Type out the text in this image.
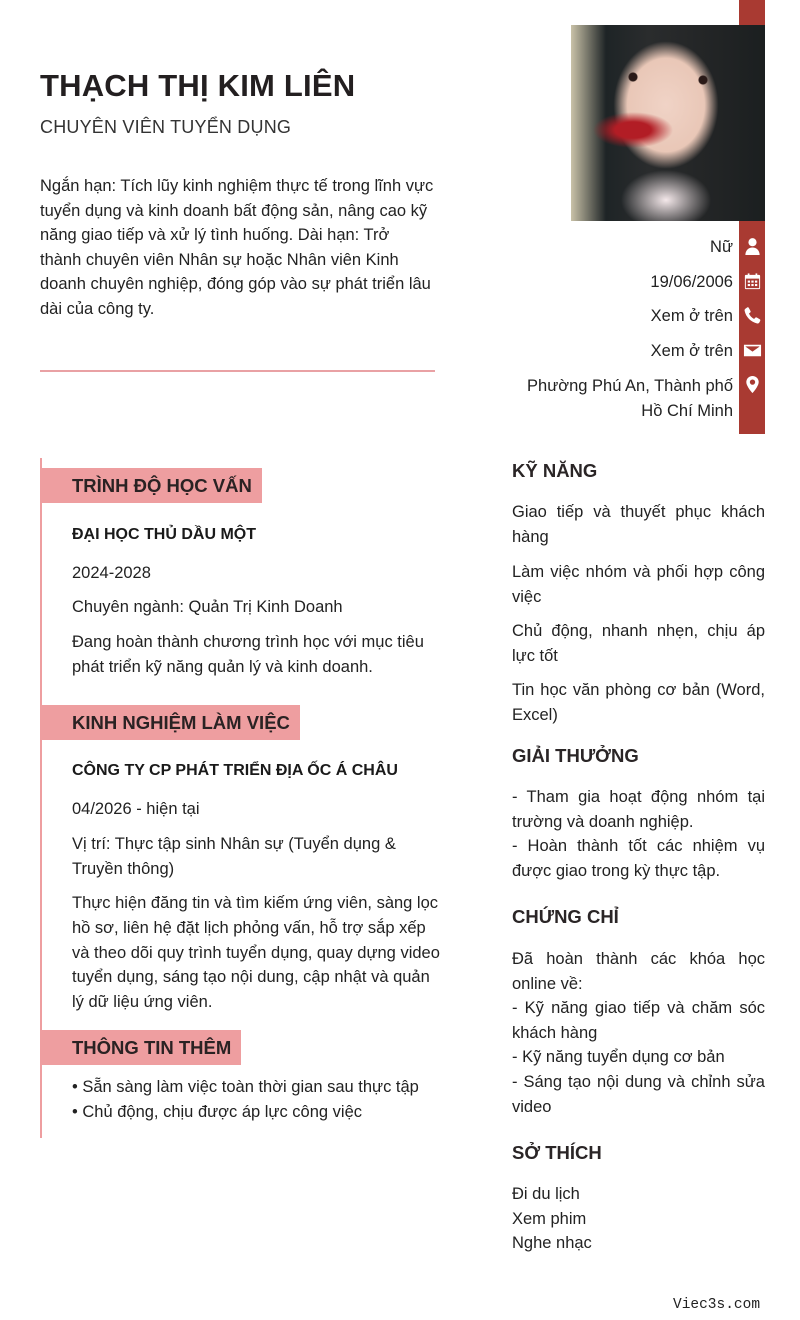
THẠCH THỊ KIM LIÊN
CHUYÊN VIÊN TUYỂN DỤNG
Ngắn hạn: Tích lũy kinh nghiệm thực tế trong lĩnh vực tuyển dụng và kinh doanh bất động sản, nâng cao kỹ năng giao tiếp và xử lý tình huống. Dài hạn: Trở thành chuyên viên Nhân sự hoặc Nhân viên Kinh doanh chuyên nghiệp, đóng góp vào sự phát triển lâu dài của công ty.
Nữ
19/06/2006
Xem ở trên
Xem ở trên
Phường Phú An, Thành phố
Hồ Chí Minh
TRÌNH ĐỘ HỌC VẤN
ĐẠI HỌC THỦ DẦU MỘT
2024-2028
Chuyên ngành: Quản Trị Kinh Doanh
Đang hoàn thành chương trình học với mục tiêu phát triển kỹ năng quản lý và kinh doanh.
KINH NGHIỆM LÀM VIỆC
CÔNG TY CP PHÁT TRIỂN ĐỊA ỐC Á CHÂU
04/2026 - hiện tại
Vị trí: Thực tập sinh Nhân sự (Tuyển dụng & Truyền thông)
Thực hiện đăng tin và tìm kiếm ứng viên, sàng lọc hồ sơ, liên hệ đặt lịch phỏng vấn, hỗ trợ sắp xếp và theo dõi quy trình tuyển dụng, quay dựng video tuyển dụng, sáng tạo nội dung, cập nhật và quản lý dữ liệu ứng viên.
THÔNG TIN THÊM
• Sẵn sàng làm việc toàn thời gian sau thực tập
• Chủ động, chịu được áp lực công việc
KỸ NĂNG
Giao tiếp và thuyết phục khách hàng
Làm việc nhóm và phối hợp công việc
Chủ động, nhanh nhẹn, chịu áp lực tốt
Tin học văn phòng cơ bản (Word, Excel)
GIẢI THƯỞNG
- Tham gia hoạt động nhóm tại trường và doanh nghiệp.
- Hoàn thành tốt các nhiệm vụ được giao trong kỳ thực tập.
CHỨNG CHỈ
Đã hoàn thành các khóa học online về:
- Kỹ năng giao tiếp và chăm sóc khách hàng
- Kỹ năng tuyển dụng cơ bản
- Sáng tạo nội dung và chỉnh sửa video
SỞ THÍCH
Đi du lịch
Xem phim
Nghe nhạc
Viec3s.com
